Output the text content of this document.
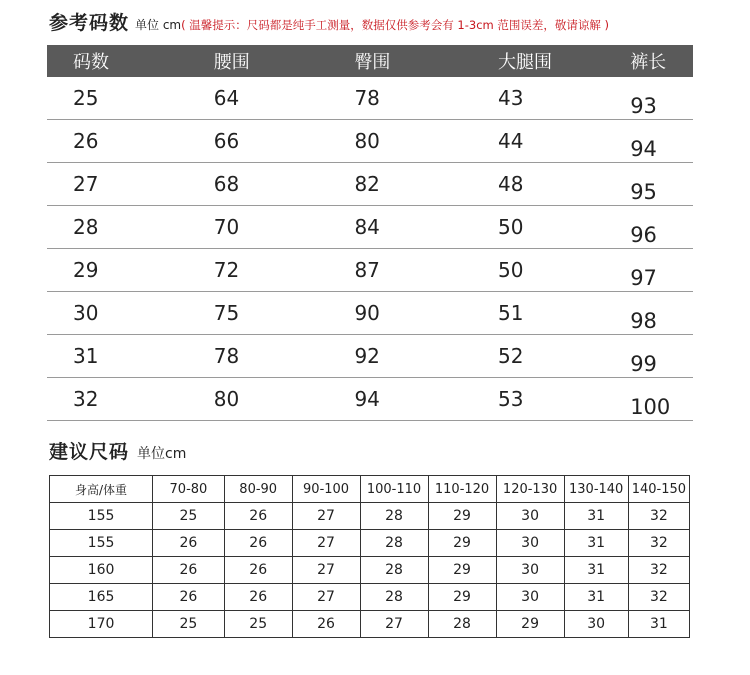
参考码数 单位 cm ( 温馨提示：尺码都是纯手工测量，数据仅供参考会有 1-3cm 范围误差，敬请谅解 )
码数	腰围	臀围	大腿围	裤长
25	64	78	43	93
26	66	80	44	94
27	68	82	48	95
28	70	84	50	96
29	72	87	50	97
30	75	90	51	98
31	78	92	52	99
32	80	94	53	100
建议尺码 单位cm
身高/体重	70-80	80-90	90-100	100-110	110-120	120-130	130-140	140-150
155	25	26	27	28	29	30	31	32
155	26	26	27	28	29	30	31	32
160	26	26	27	28	29	30	31	32
165	26	26	27	28	29	30	31	32
170	25	25	26	27	28	29	30	31
